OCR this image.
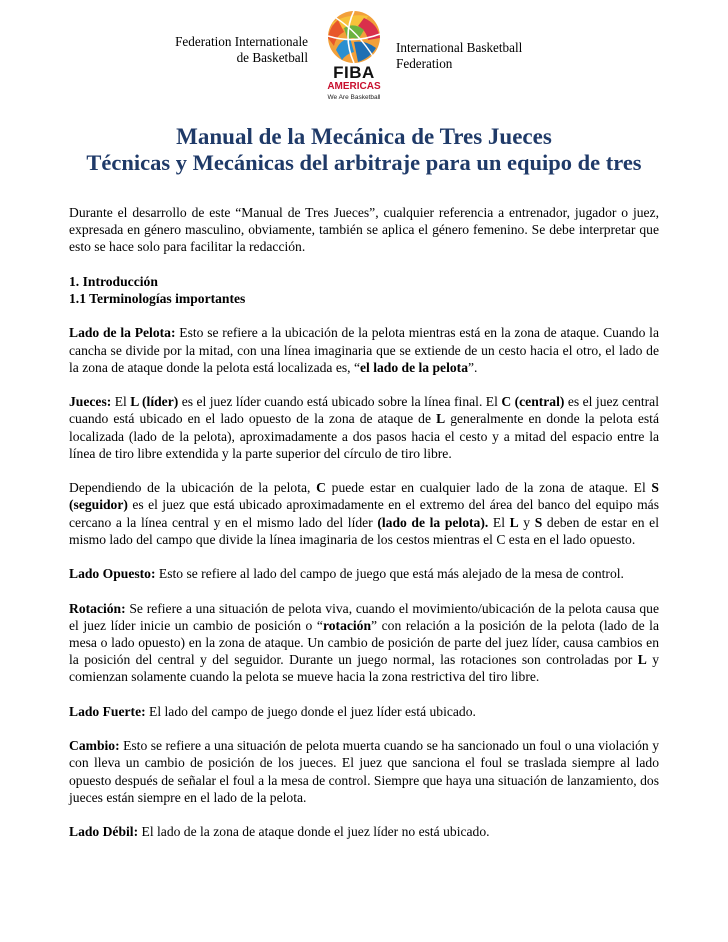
Federation Internationale
de Basketball
FIBA
AMERICAS
We Are Basketball
International Basketball
Federation
Manual de la Mecánica de Tres Jueces
Técnicas y Mecánicas del arbitraje para un equipo de tres

Durante el desarrollo de este “Manual de Tres Jueces”, cualquier referencia a entrenador, jugador o juez, expresada en género masculino, obviamente, también se aplica el género femenino. Se debe interpretar que esto se hace solo para facilitar la redacción.

1. Introducción

1.1 Terminologías importantes

Lado de la Pelota: Esto se refiere a la ubicación de la pelota mientras está en la zona de ataque. Cuando la cancha se divide por la mitad, con una línea imaginaria que se extiende de un cesto hacia el otro, el lado de la zona de ataque donde la pelota está localizada es, “el lado de la pelota”.

Jueces: El L (líder) es el juez líder cuando está ubicado sobre la línea final. El C (central) es el juez central cuando está ubicado en el lado opuesto de la zona de ataque de L generalmente en donde la pelota está localizada (lado de la pelota), aproximadamente a dos pasos hacia el cesto y a mitad del espacio entre la línea de tiro libre extendida y la parte superior del círculo de tiro libre.

Dependiendo de la ubicación de la pelota, C puede estar en cualquier lado de la zona de ataque. El S (seguidor) es el juez que está ubicado aproximadamente en el extremo del área del banco del equipo más cercano a la línea central y en el mismo lado del líder (lado de la pelota). El L y S deben de estar en el mismo lado del campo que divide la línea imaginaria de los cestos mientras el C esta en el lado opuesto.

Lado Opuesto: Esto se refiere al lado del campo de juego que está más alejado de la mesa de control.

Rotación: Se refiere a una situación de pelota viva, cuando el movimiento/ubicación de la pelota causa que el juez líder inicie un cambio de posición o “rotación” con relación a la posición de la pelota (lado de la mesa o lado opuesto) en la zona de ataque. Un cambio de posición de parte del juez líder, causa cambios en la posición del central y del seguidor. Durante un juego normal, las rotaciones son controladas por L y comienzan solamente cuando la pelota se mueve hacia la zona restrictiva del tiro libre.

Lado Fuerte: El lado del campo de juego donde el juez líder está ubicado.

Cambio: Esto se refiere a una situación de pelota muerta cuando se ha sancionado un foul o una violación y con lleva un cambio de posición de los jueces. El juez que sanciona el foul se traslada siempre al lado opuesto después de señalar el foul a la mesa de control. Siempre que haya una situación de lanzamiento, dos jueces están siempre en el lado de la pelota.

Lado Débil: El lado de la zona de ataque donde el juez líder no está ubicado.
